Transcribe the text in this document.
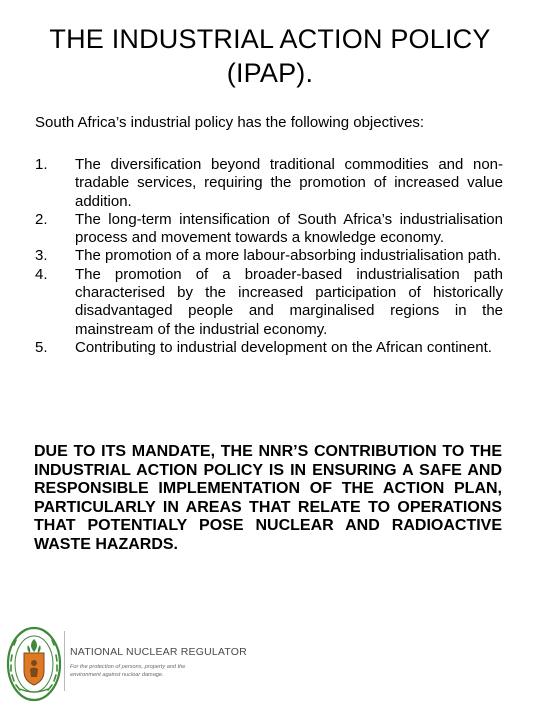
THE INDUSTRIAL ACTION POLICY (IPAP).
South Africa’s industrial policy has the following objectives:
1.	The diversification beyond traditional commodities and non-tradable services, requiring the promotion of increased value addition.
2.	The long-term intensification of South Africa’s industrialisation process and movement towards a knowledge economy.
3.	The promotion of a more labour-absorbing industrialisation path.
4.	The promotion of a broader-based industrialisation path characterised by the increased participation of historically disadvantaged people and marginalised regions in the mainstream of the industrial economy.
5.	Contributing to industrial development on the African continent.
DUE TO ITS MANDATE, THE NNR’S CONTRIBUTION TO THE INDUSTRIAL ACTION POLICY IS IN ENSURING A SAFE AND RESPONSIBLE IMPLEMENTATION OF THE ACTION PLAN, PARTICULARLY IN AREAS THAT RELATE TO OPERATIONS THAT POTENTIALY POSE NUCLEAR AND RADIOACTIVE WASTE HAZARDS.
NATIONAL NUCLEAR REGULATOR
For the protection of persons, property and the environment against nuclear damage.
